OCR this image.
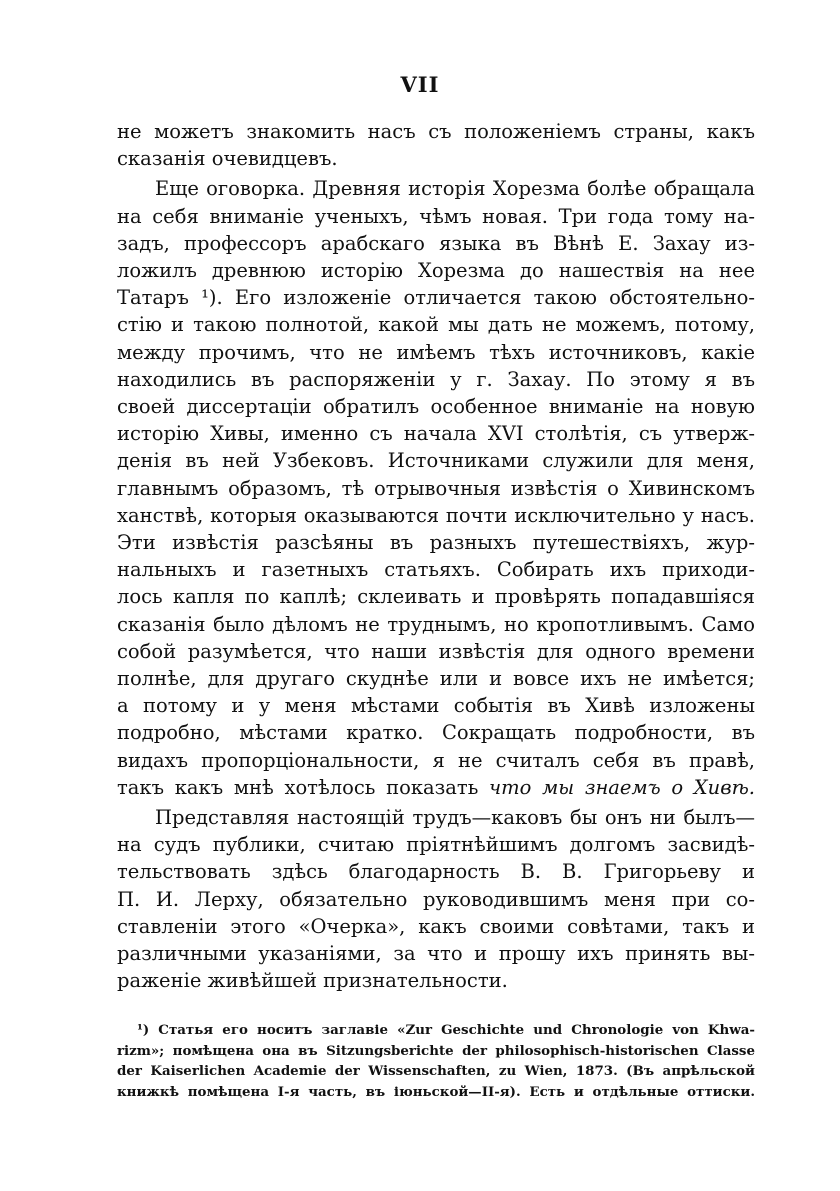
VII
не можетъ знакомить насъ съ положеніемъ страны, какъ
сказанія очевидцевъ.
Еще оговорка. Древняя исторія Хорезма болѣе обращала
на себя вниманіе ученыхъ, чѣмъ новая. Три года тому на-
задъ, профессоръ арабскаго языка въ Вѣнѣ Е. Захау из-
ложилъ древнюю исторію Хорезма до нашествія на нее
Татаръ ¹). Его изложеніе отличается такою обстоятельно-
стію и такою полнотой, какой мы дать не можемъ, потому,
между прочимъ, что не имѣемъ тѣхъ источниковъ, какіе
находились въ распоряженіи у г. Захау. По этому я въ
своей диссертаціи обратилъ особенное вниманіе на новую
исторію Хивы, именно съ начала XVI столѣтія, съ утверж-
денія въ ней Узбековъ. Источниками служили для меня,
главнымъ образомъ, тѣ отрывочныя извѣстія о Хивинскомъ
ханствѣ, которыя оказываются почти исключительно у насъ.
Эти извѣстія разсѣяны въ разныхъ путешествіяхъ, жур-
нальныхъ и газетныхъ статьяхъ. Собирать ихъ приходи-
лось капля по каплѣ; склеивать и провѣрять попадавшіяся
сказанія было дѣломъ не труднымъ, но кропотливымъ. Само
собой разумѣется, что наши извѣстія для одного времени
полнѣе, для другаго скуднѣе или и вовсе ихъ не имѣется;
а потому и у меня мѣстами событія въ Хивѣ изложены
подробно, мѣстами кратко. Сокращать подробности, въ
видахъ пропорціональности, я не считалъ себя въ правѣ,
такъ какъ мнѣ хотѣлось показать что мы знаемъ о Хивѣ.
Представляя настоящій трудъ—каковъ бы онъ ни былъ—
на судъ публики, считаю пріятнѣйшимъ долгомъ засвидѣ-
тельствовать здѣсь благодарность В. В. Григорьеву и
П. И. Лерху, обязательно руководившимъ меня при со-
ставленіи этого «Очерка», какъ своими совѣтами, такъ и
различными указаніями, за что и прошу ихъ принять вы-
раженіе живѣйшей признательности.
¹) Статья его носитъ заглавіе «Zur Geschichte und Chronologie von Khwa-
rizm»; помѣщена она въ Sitzungsberichte der philosophisch-historischen Classe
der Kaiserlichen Academie der Wissenschaften, zu Wien, 1873. (Въ апрѣльской
книжкѣ помѣщена I-я часть, въ іюньской—II-я). Есть и отдѣльные оттиски.
